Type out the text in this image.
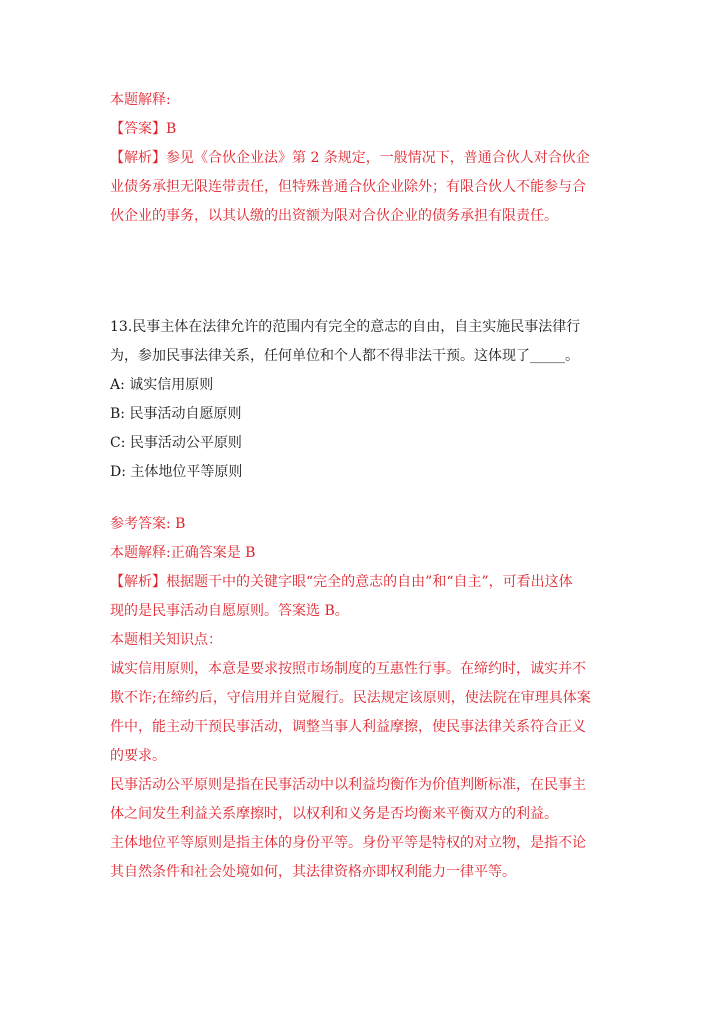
本题解释:
【答案】B
【解析】参见《合伙企业法》第 2 条规定，一般情况下，普通合伙人对合伙企
业债务承担无限连带责任，但特殊普通合伙企业除外；有限合伙人不能参与合
伙企业的事务，以其认缴的出资额为限对合伙企业的债务承担有限责任。
13.民事主体在法律允许的范围内有完全的意志的自由，自主实施民事法律行
为，参加民事法律关系，任何单位和个人都不得非法干预。这体现了_____。
A: 诚实信用原则
B: 民事活动自愿原则
C: 民事活动公平原则
D: 主体地位平等原则
参考答案: B
本题解释:正确答案是 B
【解析】根据题干中的关键字眼“完全的意志的自由”和“自主”，可看出这体
现的是民事活动自愿原则。答案选 B。
本题相关知识点：
诚实信用原则，本意是要求按照市场制度的互惠性行事。在缔约时，诚实并不
欺不诈;在缔约后，守信用并自觉履行。民法规定该原则，使法院在审理具体案
件中，能主动干预民事活动，调整当事人利益摩擦，使民事法律关系符合正义
的要求。
民事活动公平原则是指在民事活动中以利益均衡作为价值判断标准，在民事主
体之间发生利益关系摩擦时，以权利和义务是否均衡来平衡双方的利益。
主体地位平等原则是指主体的身份平等。身份平等是特权的对立物，是指不论
其自然条件和社会处境如何，其法律资格亦即权利能力一律平等。
